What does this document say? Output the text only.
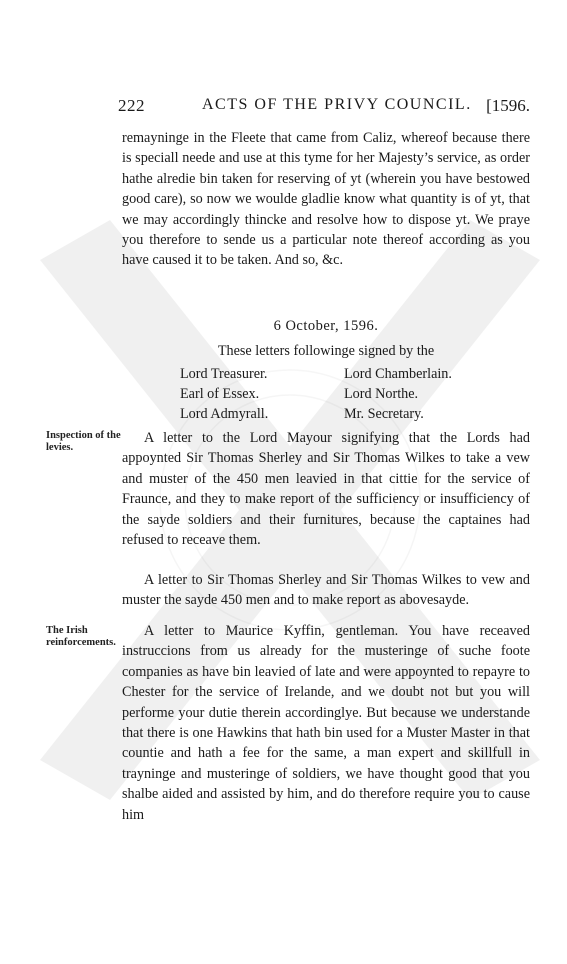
222	ACTS OF THE PRIVY COUNCIL. [1596.

remayninge in the Fleete that came from Caliz, whereof because there is speciall neede and use at this tyme for her Majesty’s service, as order hathe alredie bin taken for reserving of yt (wherein you have bestowed good care), so now we woulde gladlie know what quantity is of yt, that we may accordingly thincke and resolve how to dispose yt. We praye you therefore to sende us a particular note thereof according as you have caused it to be taken. And so, &c.

6 October, 1596.
These letters followinge signed by the
Lord Treasurer.	Lord Chamberlain.
Earl of Essex.	Lord Northe.
Lord Admyrall.	Mr. Secretary.
Inspection of the levies.

A letter to the Lord Mayour signifying that the Lords had appoynted Sir Thomas Sherley and Sir Thomas Wilkes to take a vew and muster of the 450 men leavied in that cittie for the service of Fraunce, and they to make report of the sufficiency or insufficiency of the sayde soldiers and their furnitures, because the captaines had refused to receave them.

A letter to Sir Thomas Sherley and Sir Thomas Wilkes to vew and muster the sayde 450 men and to make report as abovesayde.

The Irish reinforcements.

A letter to Maurice Kyffin, gentleman. You have receaved instruccions from us already for the musteringe of suche foote companies as have bin leavied of late and were appoynted to repayre to Chester for the service of Irelande, and we doubt not but you will performe your dutie therein accordinglye. But because we understande that there is one Hawkins that hath bin used for a Muster Master in that countie and hath a fee for the same, a man expert and skillfull in trayninge and musteringe of soldiers, we have thought good that you shalbe aided and assisted by him, and do therefore require you to cause him
